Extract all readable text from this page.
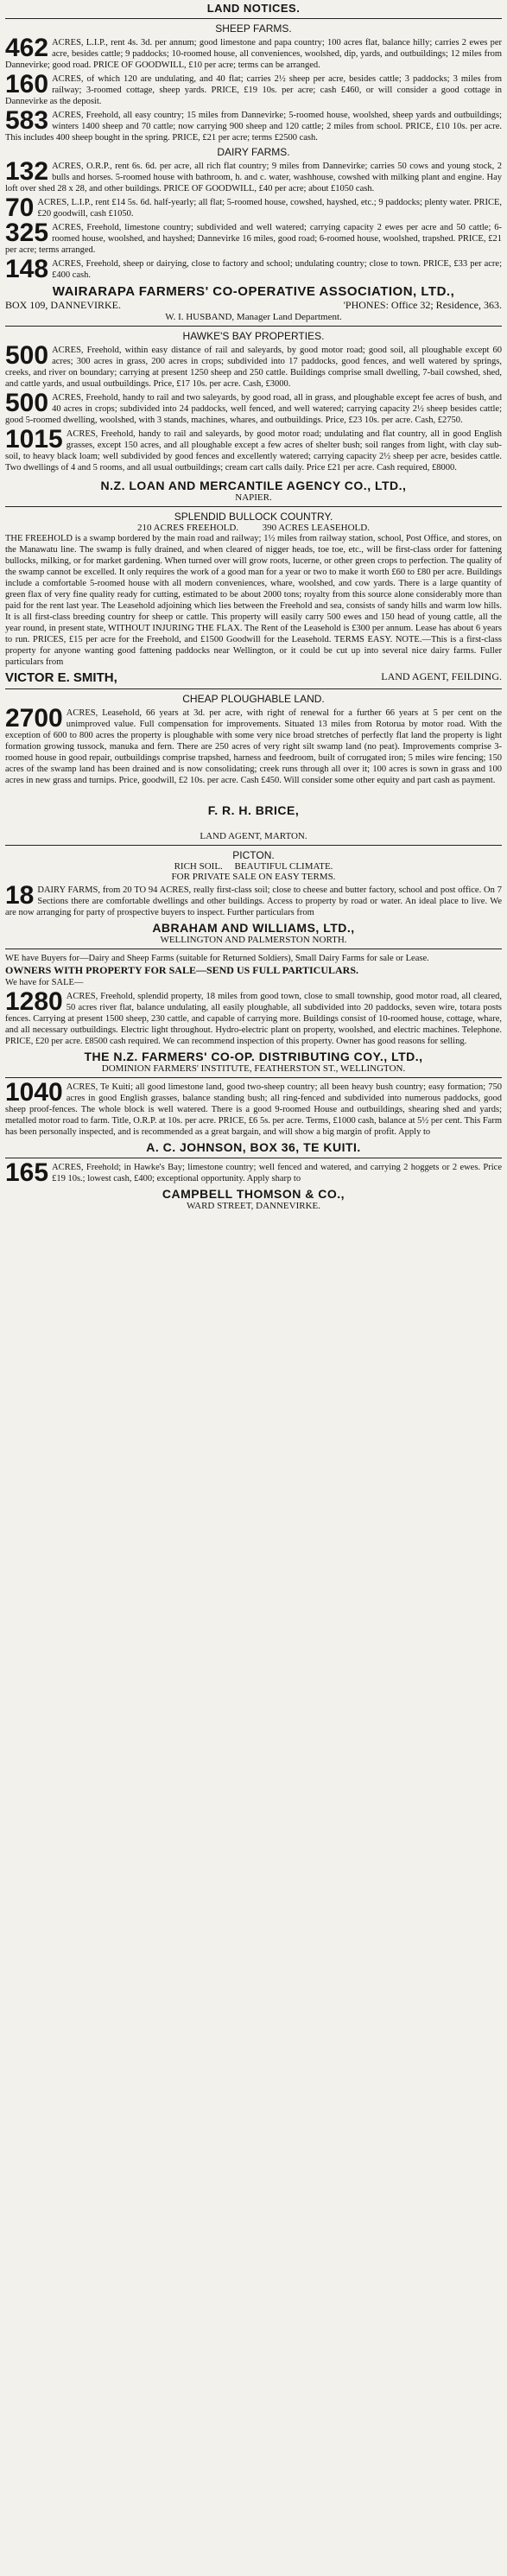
LAND NOTICES.
SHEEP FARMS.
462 ACRES, L.I.P., rent 4s. 3d. per annum; good limestone and papa country; 100 acres flat, balance hilly; carries 2 ewes per acre, besides cattle; 9 paddocks; 10-roomed house, all conveniences, woolshed, dip, yards, and outbuildings; 12 miles from Dannevirke; good road. PRICE OF GOODWILL, £10 per acre; terms can be arranged.
160 ACRES, of which 120 are undulating, and 40 flat; carries 2½ sheep per acre, besides cattle; 3 paddocks; 3 miles from railway; 3-roomed cottage, sheep yards. PRICE, £19 10s. per acre; cash £460, or will consider a good cottage in Dannevirke as the deposit.
583 ACRES, Freehold, all easy country; 15 miles from Dannevirke; 5-roomed house, woolshed, sheep yards and outbuildings; winters 1400 sheep and 70 cattle; now carrying 900 sheep and 120 cattle; 2 miles from school. PRICE, £10 10s. per acre. This includes 400 sheep bought in the spring. PRICE, £21 per acre; terms £2500 cash.
DAIRY FARMS.
132 ACRES, O.R.P., rent 6s. 6d. per acre, all rich flat country; 9 miles from Dannevirke; carries 50 cows and young stock, 2 bulls and horses. 5-roomed house with bathroom, h. and c. water, washhouse, cowshed with milking plant and engine. Hay loft over shed 28 x 28, and other buildings. PRICE OF GOODWILL, £40 per acre; about £1050 cash.
70 ACRES, L.I.P., rent £14 5s. 6d. half-yearly; all flat; 5-roomed house, cowshed, hayshed, etc.; 9 paddocks; plenty water. PRICE, £20 goodwill, cash £1050.
325 ACRES, Freehold, limestone country; subdivided and well watered; carrying capacity 2 ewes per acre and 50 cattle; 6-roomed house, woolshed, and hayshed; Dannevirke 16 miles, good road; 6-roomed house, woolshed, trapshed. PRICE, £21 per acre; terms arranged.
148 ACRES, Freehold, sheep or dairying, close to factory and school; undulating country; close to town. PRICE, £33 per acre; £400 cash.
WAIRARAPA FARMERS' CO-OPERATIVE ASSOCIATION, LTD.,
BOX 109, DANNEVIRKE.	'PHONES: Office 32; Residence, 363.
W. I. HUSBAND, Manager Land Department.
HAWKE'S BAY PROPERTIES.
500 ACRES, Freehold, within easy distance of rail and saleyards, by good motor road; good soil, all ploughable except 60 acres; 300 acres in grass, 200 acres in crops; subdivided into 17 paddocks, good fences, and well watered by springs, creeks, and river on boundary; carrying at present 1250 sheep and 250 cattle. Buildings comprise small dwelling, 7-bail cowshed, shed, and cattle yards, and usual outbuildings. Price, £17 10s. per acre. Cash, £3000.
500 ACRES, Freehold, handy to rail and two saleyards, by good road, all in grass, and ploughable except fee acres of bush, and 40 acres in crops; subdivided into 24 paddocks, well fenced, and well watered; carrying capacity 2½ sheep besides cattle; good 5-roomed dwelling, woolshed, with 3 stands, machines, whares, and outbuildings. Price, £23 10s. per acre. Cash, £2750.
1015 ACRES, Freehold, handy to rail and saleyards, by good motor road; undulating and flat country, all in good English grasses, except 150 acres, and all ploughable except a few acres of shelter bush; soil ranges from light, with clay sub-soil, to heavy black loam; well subdivided by good fences and excellently watered; carrying capacity 2½ sheep per acre, besides cattle. Two dwellings of 4 and 5 rooms, and all usual outbuildings; cream cart calls daily. Price £21 per acre. Cash required, £8000.
N.Z. LOAN AND MERCANTILE AGENCY CO., LTD.,
NAPIER.
SPLENDID BULLOCK COUNTRY.
210 ACRES FREEHOLD.          390 ACRES LEASEHOLD.
THE FREEHOLD is a swamp bordered by the main road and railway; 1½ miles from railway station, school, Post Office, and stores, on the Manawatu line. The swamp is fully drained, and when cleared of nigger heads, toe toe, etc., will be first-class order for fattening bullocks, milking, or for market gardening. When turned over will grow roots, lucerne, or other green crops to perfection. The quality of the swamp cannot be excelled. It only requires the work of a good man for a year or two to make it worth £60 to £80 per acre. Buildings include a comfortable 5-roomed house with all modern conveniences, whare, woolshed, and cow yards. There is a large quantity of green flax of very fine quality ready for cutting, estimated to be about 2000 tons; royalty from this source alone considerably more than paid for the rent last year. The Leasehold adjoining which lies between the Freehold and sea, consists of sandy hills and warm low hills. It is all first-class breeding country for sheep or cattle. This property will easily carry 500 ewes and 150 head of young cattle, all the year round, in present state, WITHOUT INJURING THE FLAX. The Rent of the Leasehold is £300 per annum. Lease has about 6 years to run. PRICES, £15 per acre for the Freehold, and £1500 Goodwill for the Leasehold. TERMS EASY. NOTE.—This is a first-class property for anyone wanting good fattening paddocks near Wellington, or it could be cut up into several nice dairy farms. Fuller particulars from
VICTOR E. SMITH,	LAND AGENT, FEILDING.
CHEAP PLOUGHABLE LAND.
2700 ACRES, Leasehold, 66 years at 3d. per acre, with right of renewal for a further 66 years at 5 per cent on the unimproved value. Full compensation for improvements. Situated 13 miles from Rotorua by motor road. With the exception of 600 to 800 acres the property is ploughable with some very nice broad stretches of perfectly flat land the property is light formation growing tussock, manuka and fern. There are 250 acres of very right silt swamp land (no peat). Improvements comprise 3-roomed house in good repair, outbuildings comprise trapshed, harness and feedroom, built of corrugated iron; 5 miles wire fencing; 150 acres of the swamp land has been drained and is now consolidating; creek runs through all over it; 100 acres is sown in grass and 100 acres in new grass and turnips. Price, goodwill, £2 10s. per acre. Cash £450. Will consider some other equity and part cash as payment.
F. R. H. BRICE,
LAND AGENT, MARTON.
PICTON.
RICH SOIL.     BEAUTIFUL CLIMATE.
FOR PRIVATE SALE ON EASY TERMS.
18 DAIRY FARMS, from 20 TO 94 ACRES, really first-class soil; close to cheese and butter factory, school and post office. On 7 Sections there are comfortable dwellings and other buildings. Access to property by road or water. An ideal place to live. We are now arranging for party of prospective buyers to inspect. Further particulars from
ABRAHAM AND WILLIAMS, LTD.,
WELLINGTON AND PALMERSTON NORTH.
WE have Buyers for—Dairy and Sheep Farms (suitable for Returned Soldiers), Small Dairy Farms for sale or Lease.
OWNERS WITH PROPERTY FOR SALE—SEND US FULL PARTICULARS.
We have for SALE—
1280 ACRES, Freehold, splendid property, 18 miles from good town, close to small township, good motor road, all cleared, 50 acres river flat, balance undulating, all easily ploughable, all subdivided into 20 paddocks, seven wire, totara posts fences. Carrying at present 1500 sheep, 230 cattle, and capable of carrying more. Buildings consist of 10-roomed house, cottage, whare, and all necessary outbuildings. Electric light throughout. Hydro-electric plant on property, woolshed, and electric machines. Telephone. PRICE, £20 per acre. £8500 cash required. We can recommend inspection of this property. Owner has good reasons for selling.
THE N.Z. FARMERS' CO-OP. DISTRIBUTING COY., LTD.,
DOMINION FARMERS' INSTITUTE, FEATHERSTON ST., WELLINGTON.
1040 ACRES, Te Kuiti; all good limestone land, good two-sheep country; all been heavy bush country; easy formation; 750 acres in good English grasses, balance standing bush; all ring-fenced and subdivided into numerous paddocks, good sheep proof-fences. The whole block is well watered. There is a good 9-roomed House and outbuildings, shearing shed and yards; metalled motor road to farm. Title, O.R.P. at 10s. per acre. PRICE, £6 5s. per acre. Terms, £1000 cash, balance at 5½ per cent. This Farm has been personally inspected, and is recommended as a great bargain, and will show a big margin of profit. Apply to
A. C. JOHNSON, BOX 36, TE KUITI.
165 ACRES, Freehold; in Hawke's Bay; limestone country; well fenced and watered, and carrying 2 hoggets or 2 ewes. Price £19 10s.; lowest cash, £400; exceptional opportunity. Apply sharp to
CAMPBELL THOMSON & CO.,
WARD STREET, DANNEVIRKE.
